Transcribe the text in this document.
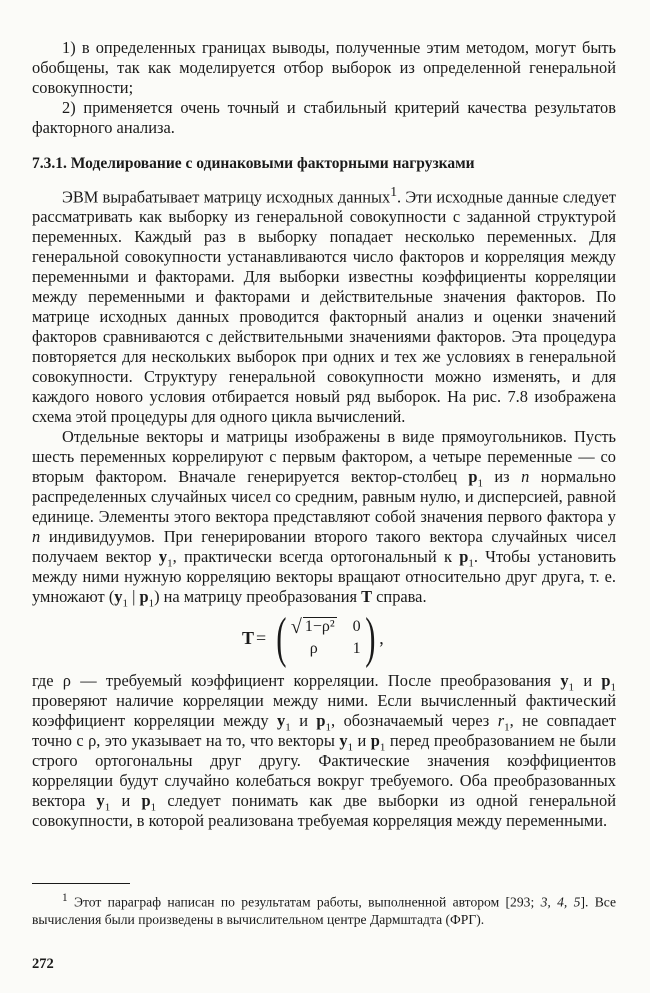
1) в определенных границах выводы, полученные этим методом, могут быть обобщены, так как моделируется отбор выборок из определенной генеральной совокупности;

2) применяется очень точный и стабильный критерий качества результатов факторного анализа.

7.3.1. Моделирование с одинаковыми факторными нагрузками

ЭВМ вырабатывает матрицу исходных данных$^1$. Эти исходные данные следует рассматривать как выборку из генеральной совокупности с заданной структурой переменных. Каждый раз в выборку попадает несколько переменных. Для генеральной совокупности устанавливаются число факторов и корреляция между переменными и факторами. Для выборки известны коэффициенты корреляции между переменными и факторами и действительные значения факторов. По матрице исходных данных проводится факторный анализ и оценки значений факторов сравниваются с действительными значениями факторов. Эта процедура повторяется для нескольких выборок при одних и тех же условиях в генеральной совокупности. Структуру генеральной совокупности можно изменять, и для каждого нового условия отбирается новый ряд выборок. На рис. 7.8 изображена схема этой процедуры для одного цикла вычислений.

Отдельные векторы и матрицы изображены в виде прямоугольников. Пусть шесть переменных коррелируют с первым фактором, а четыре переменные — со вторым фактором. Вначале генерируется вектор-столбец $p_1$ из n нормально распределенных случайных чисел со средним, равным нулю, и дисперсией, равной единице. Элементы этого вектора представляют собой значения первого фактора у n индивидуумов. При генерировании второго такого вектора случайных чисел получаем вектор $y_1$, практически всегда ортогональный к $p_1$. Чтобы установить между ними нужную корреляцию векторы вращают относительно друг друга, т. е. умножают ($y_1$ | $p_1$) на матрицу преобразования T справа.

T = ( √ 1−ρ² 0
ρ	1 ) ,

где ρ — требуемый коэффициент корреляции. После преобразования $y_1$ и $p_1$ проверяют наличие корреляции между ними. Если вычисленный фактический коэффициент корреляции между $y_1$ и $p_1$, обозначаемый через $r_1$, не совпадает точно с ρ, это указывает на то, что векторы $y_1$ и $p_1$ перед преобразованием не были строго ортогональны друг другу. Фактические значения коэффициентов корреляции будут случайно колебаться вокруг требуемого. Оба преобразованных вектора $y_1$ и $p_1$ следует понимать как две выборки из одной генеральной совокупности, в которой реализована требуемая корреляция между переменными.

$^1$ Этот параграф написан по результатам работы, выполненной автором [293; 3, 4, 5]. Все вычисления были произведены в вычислительном центре Дармштадта (ФРГ).

272
